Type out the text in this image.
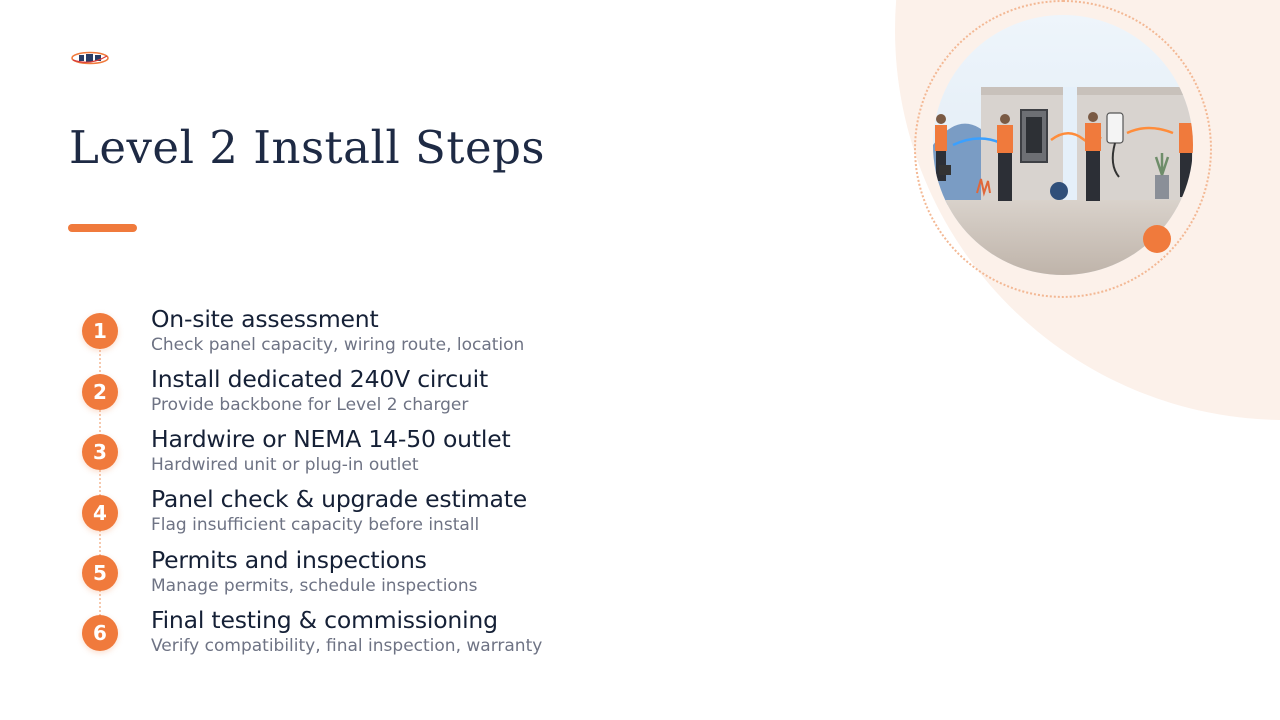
Level 2 Install Steps
1	On-site assessment

Check panel capacity, wiring route, location

2	Install dedicated 240V circuit

Provide backbone for Level 2 charger

3	Hardwire or NEMA 14-50 outlet

Hardwired unit or plug-in outlet

4	Panel check & upgrade estimate

Flag insufficient capacity before install

5	Permits and inspections

Manage permits, schedule inspections

6	Final testing & commissioning

Verify compatibility, final inspection, warranty
